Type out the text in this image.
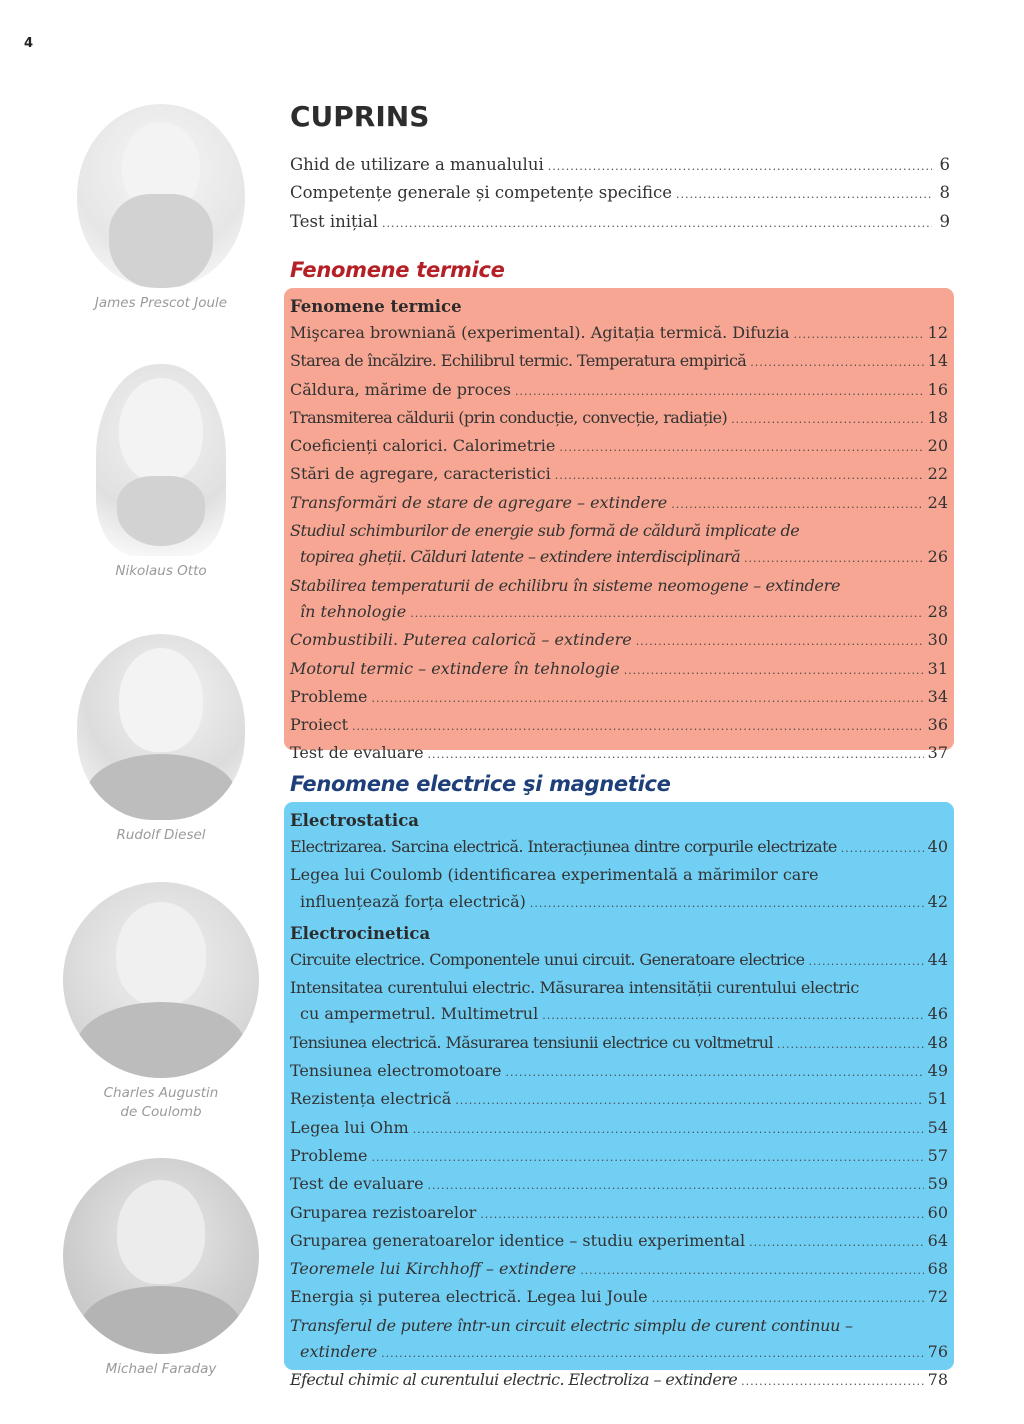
4
James Prescot Joule
Nikolaus Otto
Rudolf Diesel
Charles Augustin
de Coulomb
Michael Faraday
CUPRINS
Ghid de utilizare a manualului .....	6
Competențe generale și competențe specifice .....	8
Test inițial .....	9
Fenomene termice
Fenomene termice
Mişcarea browniană (experimental). Agitația termică. Difuzia .....	12
Starea de încălzire. Echilibrul termic. Temperatura empirică .....	14
Căldura, mărime de proces .....	16
Transmiterea căldurii (prin conducție, convecție, radiație) .....	18
Coeficienți calorici. Calorimetrie .....	20
Stări de agregare, caracteristici .....	22
Transformări de stare de agregare – extindere .....	24
Studiul schimburilor de energie sub formă de căldură implicate de
topirea gheții. Călduri latente – extindere interdisciplinară .....	26
Stabilirea temperaturii de echilibru în sisteme neomogene – extindere
în tehnologie .....	28
Combustibili. Puterea calorică – extindere .....	30
Motorul termic – extindere în tehnologie .....	31
Probleme .....	34
Proiect .....	36
Test de evaluare .....	37
Fenomene electrice şi magnetice
Electrostatica
Electrizarea. Sarcina electrică. Interacțiunea dintre corpurile electrizate .....	40
Legea lui Coulomb (identificarea experimentală a mărimilor care
influențează forța electrică) .....	42
Electrocinetica
Circuite electrice. Componentele unui circuit. Generatoare electrice .....	44
Intensitatea curentului electric. Măsurarea intensității curentului electric
cu ampermetrul. Multimetrul .....	46
Tensiunea electrică. Măsurarea tensiunii electrice cu voltmetrul .....	48
Tensiunea electromotoare .....	49
Rezistența electrică .....	51
Legea lui Ohm .....	54
Probleme .....	57
Test de evaluare .....	59
Gruparea rezistoarelor .....	60
Gruparea generatoarelor identice – studiu experimental .....	64
Teoremele lui Kirchhoff – extindere .....	68
Energia și puterea electrică. Legea lui Joule .....	72
Transferul de putere într-un circuit electric simplu de curent continuu –
extindere .....	76
Efectul chimic al curentului electric. Electroliza – extindere .....	78
